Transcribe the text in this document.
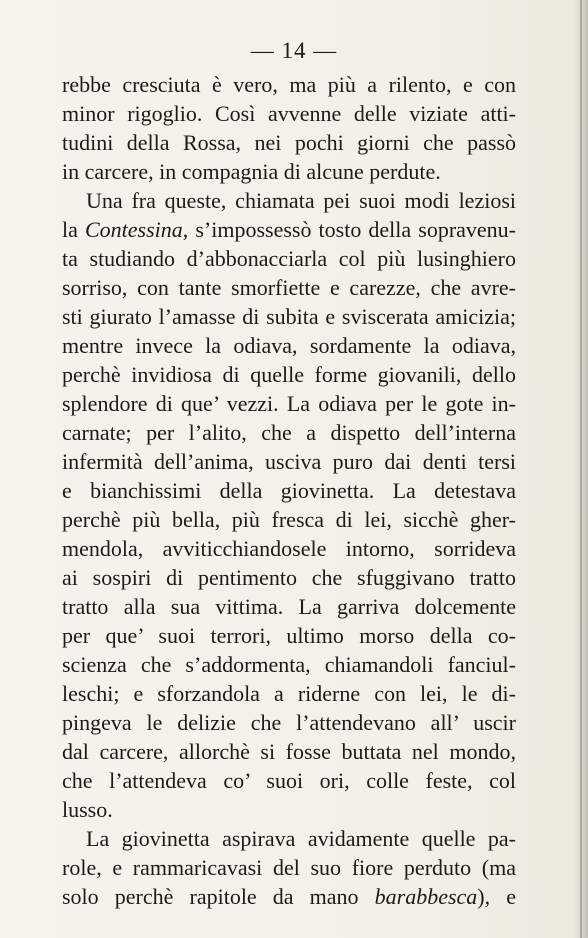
— 14 —
rebbe cresciuta è vero, ma più a rilento, e con
minor rigoglio. Così avvenne delle viziate atti-
tudini della Rossa, nei pochi giorni che passò
in carcere, in compagnia di alcune perdute.
Una fra queste, chiamata pei suoi modi leziosi
la Contessina, s’impossessò tosto della sopravenu-
ta studiando d’abbonacciarla col più lusinghiero
sorriso, con tante smorfiette e carezze, che avre-
sti giurato l’amasse di subita e sviscerata amicizia;
mentre invece la odiava, sordamente la odiava,
perchè invidiosa di quelle forme giovanili, dello
splendore di que’ vezzi. La odiava per le gote in-
carnate; per l’alito, che a dispetto dell’interna
infermità dell’anima, usciva puro dai denti tersi
e bianchissimi della giovinetta. La detestava
perchè più bella, più fresca di lei, sicchè gher-
mendola, avviticchiandosele intorno, sorrideva
ai sospiri di pentimento che sfuggivano tratto
tratto alla sua vittima. La garriva dolcemente
per que’ suoi terrori, ultimo morso della co-
scienza che s’addormenta, chiamandoli fanciul-
leschi; e sforzandola a riderne con lei, le di-
pingeva le delizie che l’attendevano all’ uscir
dal carcere, allorchè si fosse buttata nel mondo,
che l’attendeva co’ suoi ori, colle feste, col
lusso.
La giovinetta aspirava avidamente quelle pa-
role, e rammaricavasi del suo fiore perduto (ma
solo perchè rapitole da mano barabbesca), e
